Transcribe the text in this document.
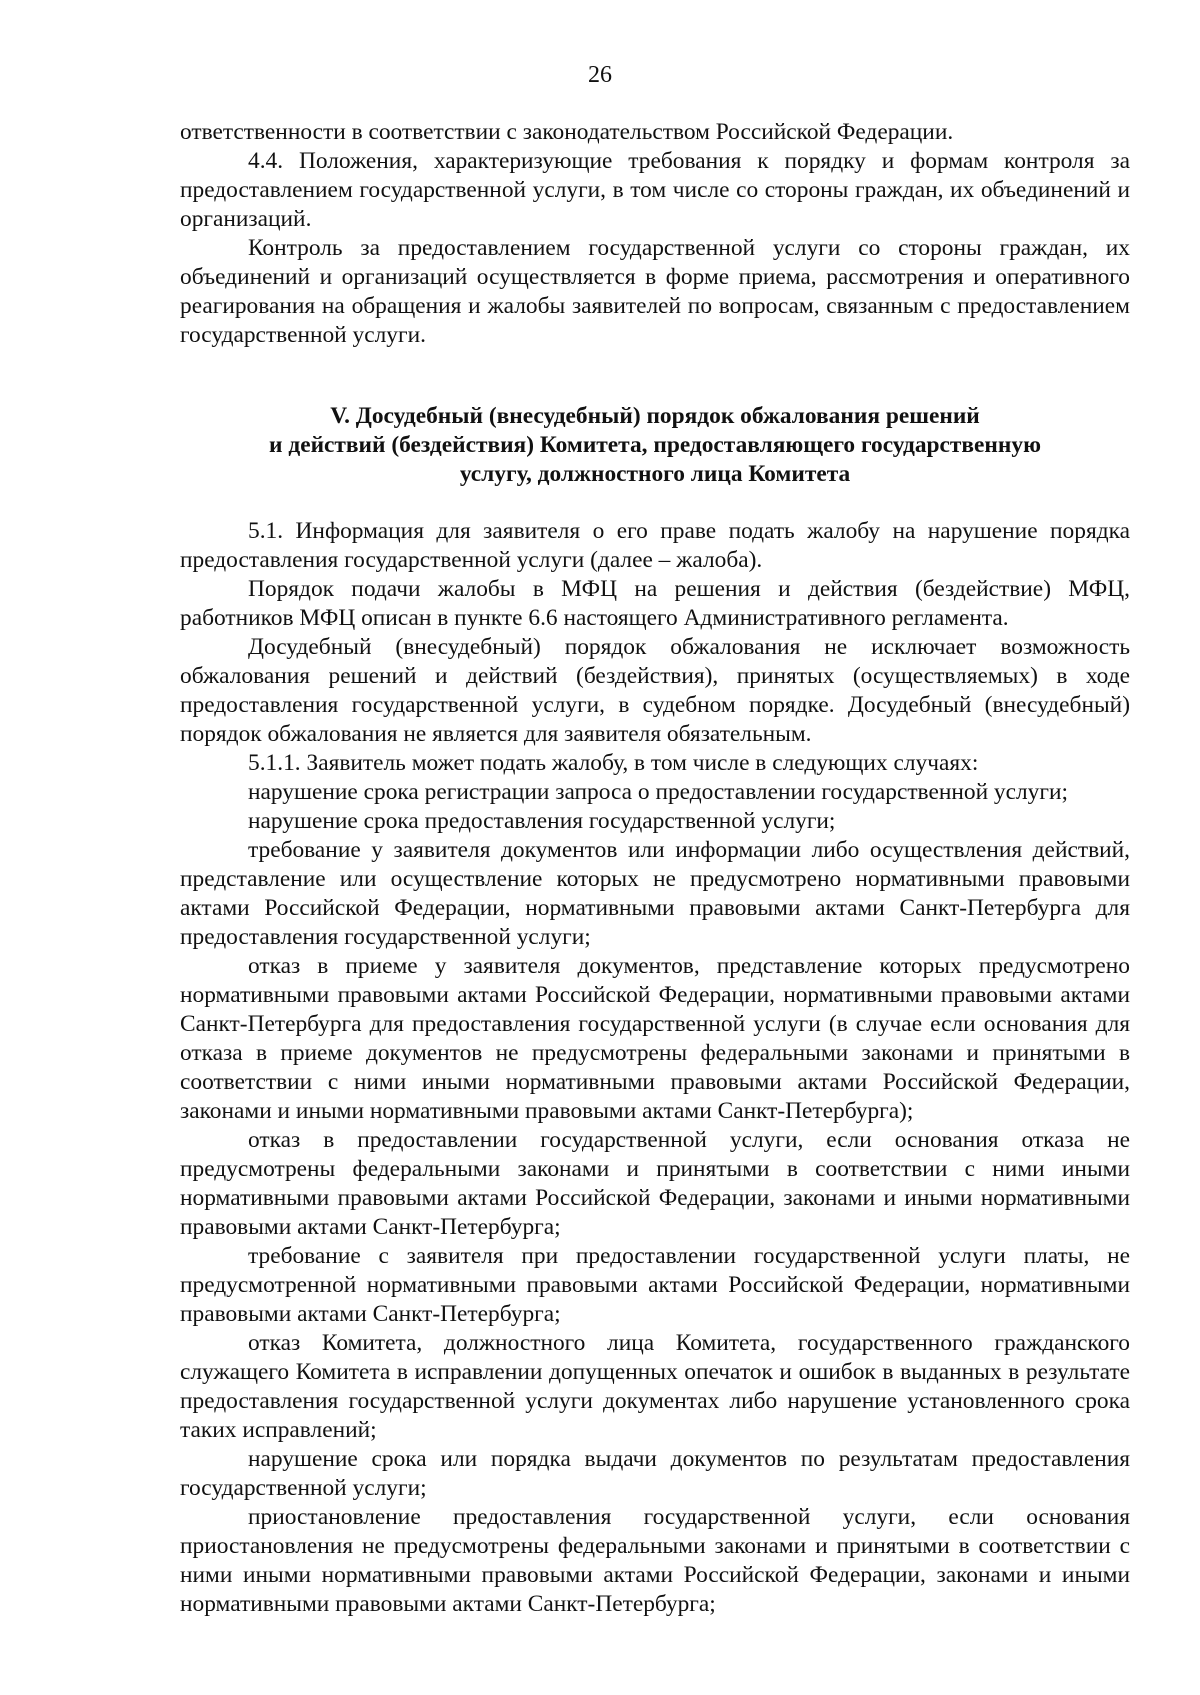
26

ответственности в соответствии с законодательством Российской Федерации.

4.4. Положения, характеризующие требования к порядку и формам контроля за предоставлением государственной услуги, в том числе со стороны граждан, их объединений и организаций.

Контроль за предоставлением государственной услуги со стороны граждан, их объединений и организаций осуществляется в форме приема, рассмотрения и оперативного реагирования на обращения и жалобы заявителей по вопросам, связанным с предоставлением государственной услуги.

V. Досудебный (внесудебный) порядок обжалования решений
и действий (бездействия) Комитета, предоставляющего государственную
услугу, должностного лица Комитета

5.1. Информация для заявителя о его праве подать жалобу на нарушение порядка предоставления государственной услуги (далее – жалоба).

Порядок подачи жалобы в МФЦ на решения и действия (бездействие) МФЦ, работников МФЦ описан в пункте 6.6 настоящего Административного регламента.

Досудебный (внесудебный) порядок обжалования не исключает возможность обжалования решений и действий (бездействия), принятых (осуществляемых) в ходе предоставления государственной услуги, в судебном порядке. Досудебный (внесудебный) порядок обжалования не является для заявителя обязательным.

5.1.1. Заявитель может подать жалобу, в том числе в следующих случаях:

нарушение срока регистрации запроса о предоставлении государственной услуги;

нарушение срока предоставления государственной услуги;

требование у заявителя документов или информации либо осуществления действий, представление или осуществление которых не предусмотрено нормативными правовыми актами Российской Федерации, нормативными правовыми актами Санкт-Петербурга для предоставления государственной услуги;

отказ в приеме у заявителя документов, представление которых предусмотрено нормативными правовыми актами Российской Федерации, нормативными правовыми актами Санкт-Петербурга для предоставления государственной услуги (в случае если основания для отказа в приеме документов не предусмотрены федеральными законами и принятыми в соответствии с ними иными нормативными правовыми актами Российской Федерации, законами и иными нормативными правовыми актами Санкт-Петербурга);

отказ в предоставлении государственной услуги, если основания отказа не предусмотрены федеральными законами и принятыми в соответствии с ними иными нормативными правовыми актами Российской Федерации, законами и иными нормативными правовыми актами Санкт-Петербурга;

требование с заявителя при предоставлении государственной услуги платы, не предусмотренной нормативными правовыми актами Российской Федерации, нормативными правовыми актами Санкт-Петербурга;

отказ Комитета, должностного лица Комитета, государственного гражданского служащего Комитета в исправлении допущенных опечаток и ошибок в выданных в результате предоставления государственной услуги документах либо нарушение установленного срока таких исправлений;

нарушение срока или порядка выдачи документов по результатам предоставления государственной услуги;

приостановление предоставления государственной услуги, если основания приостановления не предусмотрены федеральными законами и принятыми в соответствии с ними иными нормативными правовыми актами Российской Федерации, законами и иными нормативными правовыми актами Санкт-Петербурга;
